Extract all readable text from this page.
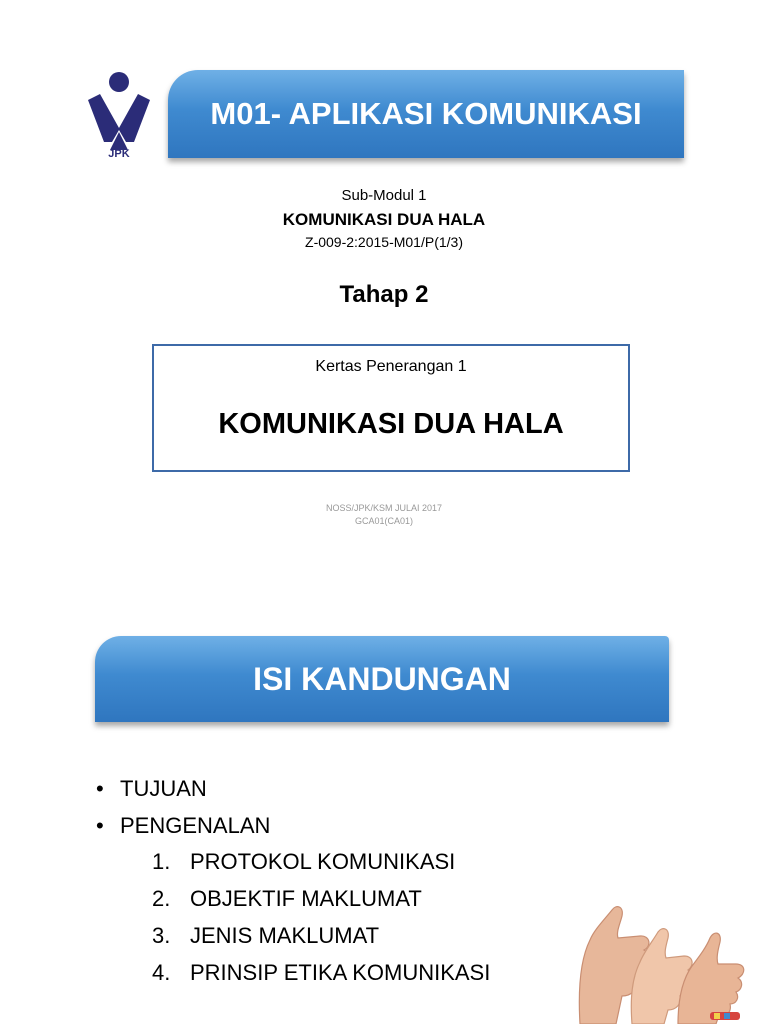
JPK
M01- APLIKASI KOMUNIKASI
Sub-Modul 1
KOMUNIKASI DUA HALA
Z-009-2:2015-M01/P(1/3)
Tahap 2
Kertas Penerangan 1
KOMUNIKASI DUA HALA
NOSS/JPK/KSM JULAI 2017
GCA01(CA01)
ISI KANDUNGAN
• TUJUAN
• PENGENALAN
1. PROTOKOL KOMUNIKASI
2. OBJEKTIF MAKLUMAT
3. JENIS MAKLUMAT
4. PRINSIP ETIKA KOMUNIKASI
